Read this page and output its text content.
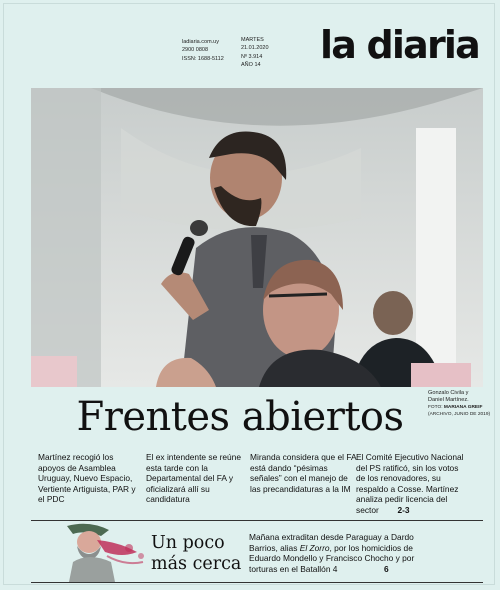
ladiaria.com.uy
2900 0808
ISSN: 1688-5112
MARTES
21.01.2020
Nº 3.914
AÑO 14 la diaria
Gonzalo Civila y
Daniel Martínez.
FOTO: MARIANA GREIF
(ARCHIVO, JUNIO DE 2019)
Frentes abiertos
Martínez recogió los apoyos de Asamblea Uruguay, Nuevo Espacio, Vertiente Artiguista, PAR y el PDC
El ex intendente se reúne esta tarde con la Departamental del FA y oficializará allí su candidatura
Miranda considera que el FA está dando “pésimas señales” con el manejo de las precandidaturas a la IM
El Comité Ejecutivo Nacional del PS ratificó, sin los votos de los renovadores, su respaldo a Cosse. Martínez analiza pedir licencia del sector 2-3
Un poco
más cerca
Mañana extraditan desde Paraguay a Dardo Barrios, alias El Zorro, por los homicidios de Eduardo Mondello y Francisco Chocho y por torturas en el Batallón 4	6
